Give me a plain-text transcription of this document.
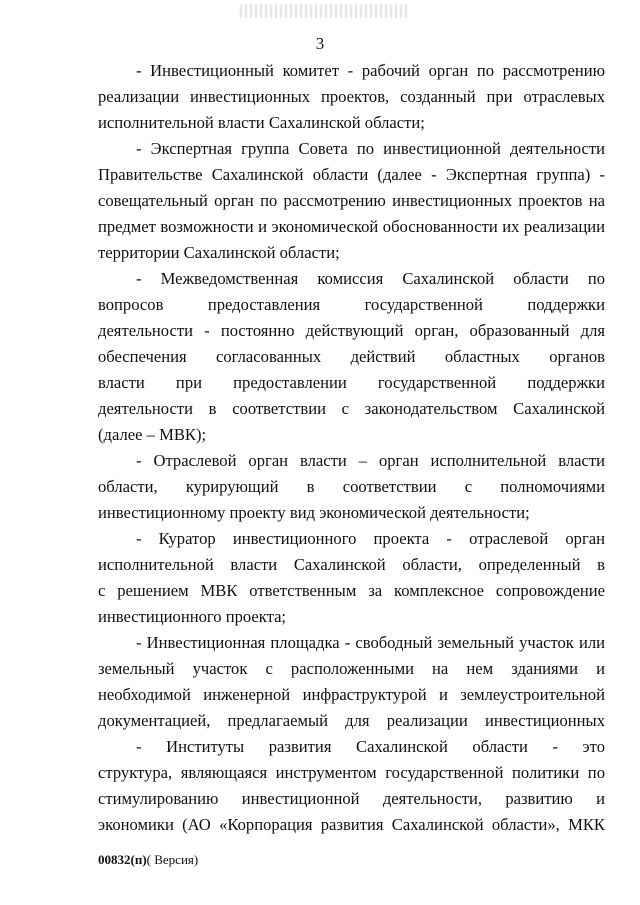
3
- Инвестиционный комитет - рабочий орган по рассмотрению
реализации инвестиционных проектов, созданный при отраслевых
исполнительной власти Сахалинской области;
- Экспертная группа Совета по инвестиционной деятельности
Правительстве Сахалинской области (далее - Экспертная группа) -
совещательный орган по рассмотрению инвестиционных проектов на
предмет возможности и экономической обоснованности их реализации
территории Сахалинской области;
- Межведомственная комиссия Сахалинской области по
вопросов предоставления государственной поддержки
деятельности - постоянно действующий орган, образованный для
обеспечения согласованных действий областных органов
власти при предоставлении государственной поддержки
деятельности в соответствии с законодательством Сахалинской
(далее – МВК);
- Отраслевой орган власти – орган исполнительной власти
области, курирующий в соответствии с полномочиями
инвестиционному проекту вид экономической деятельности;
- Куратор инвестиционного проекта - отраслевой орган
исполнительной власти Сахалинской области, определенный в
с решением МВК ответственным за комплексное сопровождение
инвестиционного проекта;
- Инвестиционная площадка - свободный земельный участок или
земельный участок с расположенными на нем зданиями и
необходимой инженерной инфраструктурой и землеустроительной
документацией, предлагаемый для реализации инвестиционных
- Институты развития Сахалинской области - это
структура, являющаяся инструментом государственной политики по
стимулированию инвестиционной деятельности, развитию и
экономики (АО «Корпорация развития Сахалинской области», МКК
00832(п)( Версия)
